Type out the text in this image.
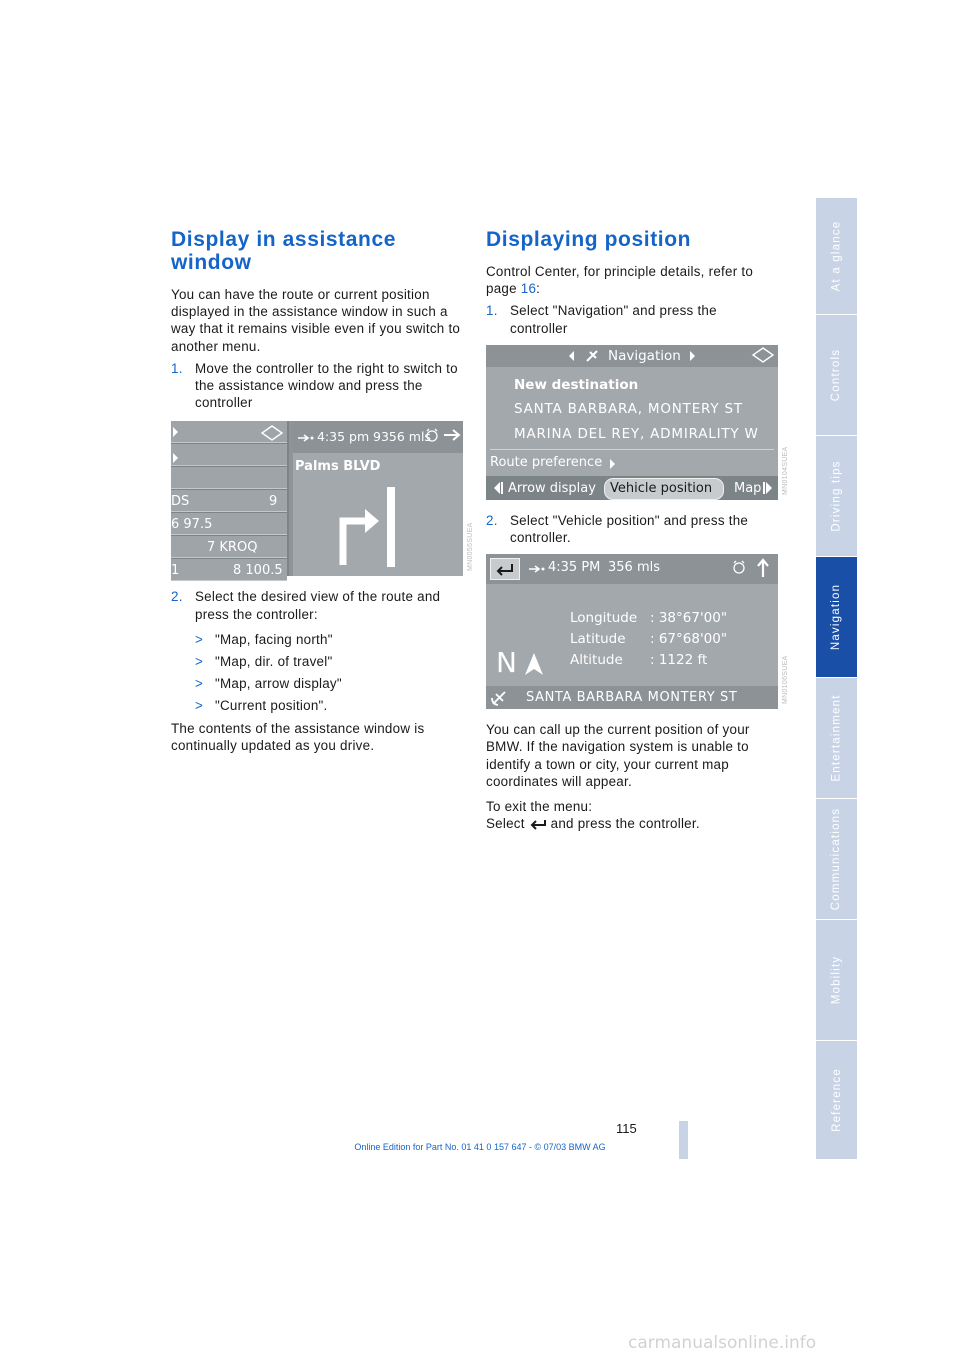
Display in assistance window

You can have the route or current position displayed in the assistance window in such a way that it remains visible even if you switch to another menu.

1. Move the controller to the right to switch to the assistance window and press the controller
DS	9
6 97.5
7 KROQ
1	8 100.5
4:35 pm 9356 mls
Palms BLVD
MN0055SUEA
2. Select the desired view of the route and press the controller:
> "Map, facing north"
> "Map, dir. of travel"
> "Map, arrow display"
> "Current position".

The contents of the assistance window is continually updated as you drive.

Displaying position

Control Center, for principle details, refer to page 16:

1. Select "Navigation" and press the controller
Navigation
New destination
SANTA BARBARA, MONTERY ST
MARINA DEL REY, ADMIRALITY W
Route preference
Arrow display Vehicle position Map	MN0104SUEA
2. Select "Vehicle position" and press the controller.
4:35 PM 356 mls
Longitude : 38°67'00"
Latitude : 67°68'00"
Altitude : 1122 ft
N
SANTA BARBARA MONTERY ST	MN0106SUEA

You can call up the current position of your BMW. If the navigation system is unable to identify a town or city, your current map coordinates will appear.

To exit the menu:

Select  and press the controller.

At a glance
Controls
Driving tips
Navigation
Entertainment
Communications
Mobility
Reference
115
Online Edition for Part No. 01 41 0 157 647 - © 07/03 BMW AG
carmanualsonline.info
